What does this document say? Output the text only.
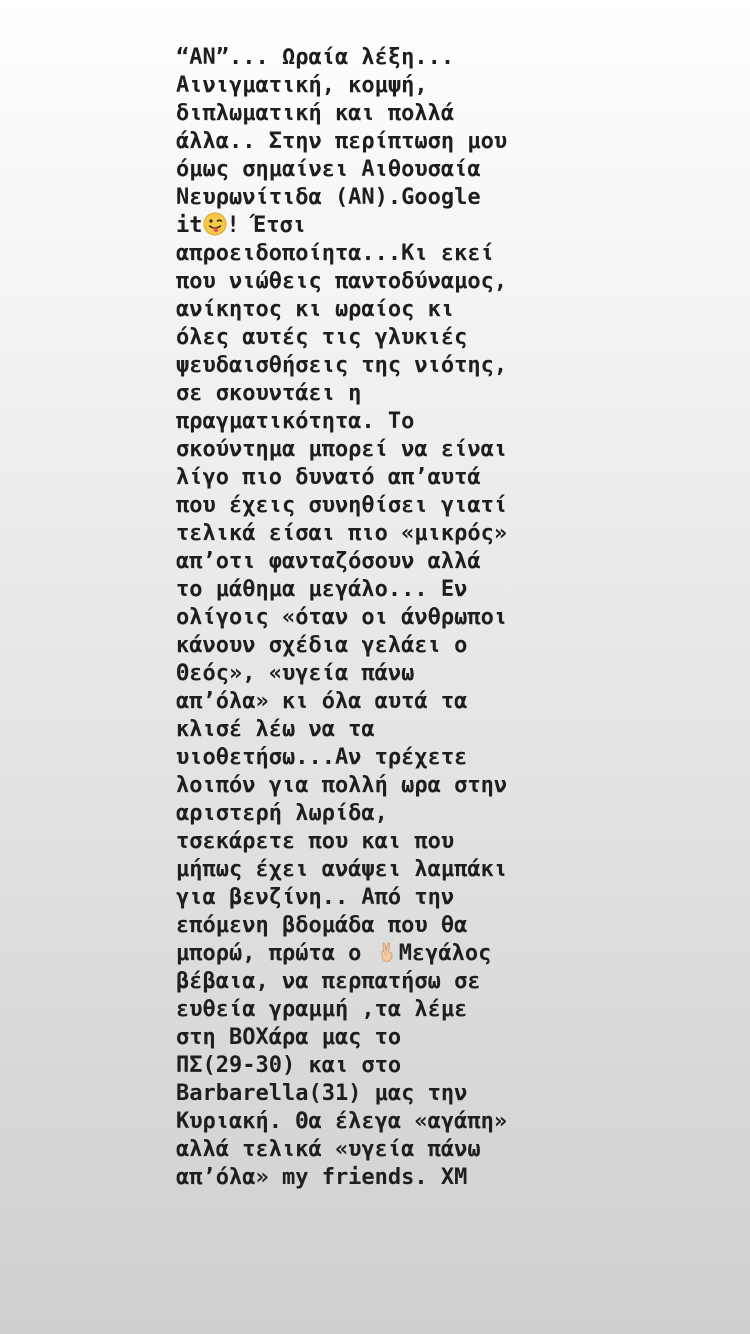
“ΑΝ”... Ωραία λέξη...
Αινιγματική, κομψή,
διπλωματική και πολλά
άλλα.. Στην περίπτωση μου
όμως σημαίνει Αιθουσαία
Νευρωνίτιδα (ΑΝ).Google
it ! Έτσι
απροειδοποίητα...Κι εκεί
που νιώθεις παντοδύναμος,
ανίκητος κι ωραίος κι
όλες αυτές τις γλυκιές
ψευδαισθήσεις της νιότης,
σε σκουντάει η
πραγματικότητα. Το
σκούντημα μπορεί να είναι
λίγο πιο δυνατό απ’αυτά
που έχεις συνηθίσει γιατί
τελικά είσαι πιο «μικρός»
απ’οτι φανταζόσουν αλλά
το μάθημα μεγάλο... Εν
ολίγοις «όταν οι άνθρωποι
κάνουν σχέδια γελάει ο
Θεός», «υγεία πάνω
απ’όλα» κι όλα αυτά τα
κλισέ λέω να τα
υιοθετήσω...Αν τρέχετε
λοιπόν για πολλή ωρα στην
αριστερή λωρίδα,
τσεκάρετε που και που
μήπως έχει ανάψει λαμπάκι
για βενζίνη.. Από την
επόμενη βδομάδα που θα
μπορώ, πρώτα ο Μεγάλος
βέβαια, να περπατήσω σε
ευθεία γραμμή ,τα λέμε
στη ΒΟΧάρα μας το
ΠΣ(29-30) και στο
Barbarella(31) μας την
Κυριακή. Θα έλεγα «αγάπη»
αλλά τελικά «υγεία πάνω
απ’όλα» my friends. XM
